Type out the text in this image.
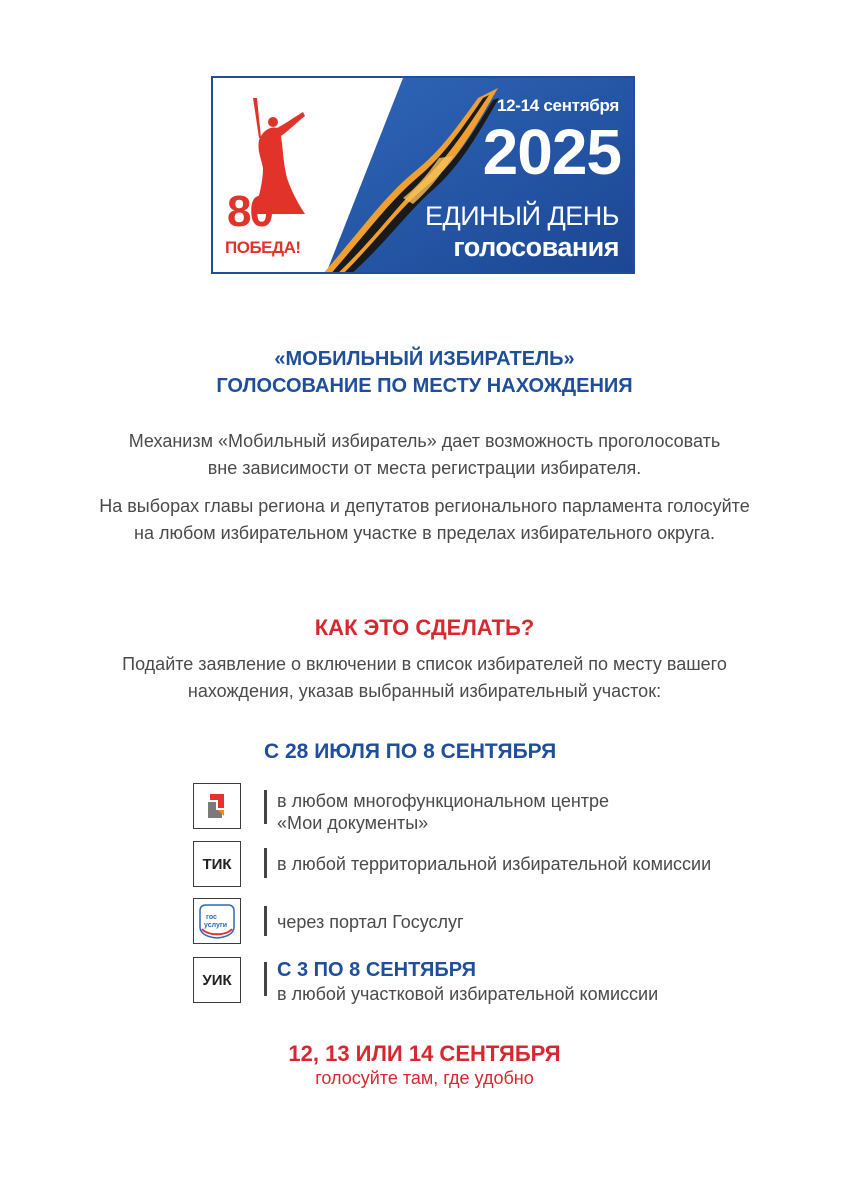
12-14 сентября
2025
ЕДИНЫЙ ДЕНЬ
голосования
80
ПОБЕДА!
«МОБИЛЬНЫЙ ИЗБИРАТЕЛЬ»
ГОЛОСОВАНИЕ ПО МЕСТУ НАХОЖДЕНИЯ
Механизм «Мобильный избиратель» дает возможность проголосовать
вне зависимости от места регистрации избирателя.
На выборах главы региона и депутатов регионального парламента голосуйте
на любом избирательном участке в пределах избирательного округа.
КАК ЭТО СДЕЛАТЬ?
Подайте заявление о включении в список избирателей по месту вашего
нахождения, указав выбранный избирательный участок:
С 28 ИЮЛЯ ПО 8 СЕНТЯБРЯ
в любом многофункциональном центре
«Мои документы»
ТИК	в любой территориальной избирательной комиссии
гос
услуги	через портал Госуслуг
УИК С 3 ПО 8 СЕНТЯБРЯ
в любой участковой избирательной комиссии
12, 13 ИЛИ 14 СЕНТЯБРЯ
голосуйте там, где удобно
